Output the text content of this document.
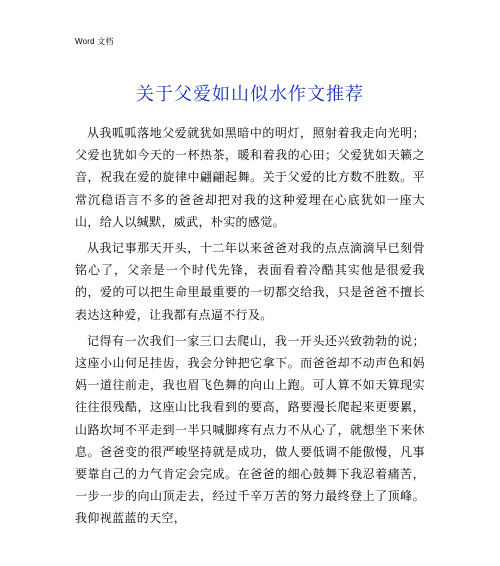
Word 文档
关于父爱如山似水作文推荐

从我呱呱落地父爱就犹如黑暗中的明灯，照射着我走向光明；父爱也犹如今天的一杯热茶，暖和着我的心田；父爱犹如天籁之音，祝我在爱的旋律中翩翩起舞。关于父爱的比方数不胜数。平常沉稳语言不多的爸爸却把对我的这种爱埋在心底犹如一座大山，给人以缄默，威武，朴实的感觉。

从我记事那天开头，十二年以来爸爸对我的点点滴滴早已刻骨铭心了，父亲是一个时代先锋，表面看着冷酷其实他是很爱我的，爱的可以把生命里最重要的一切都交给我，只是爸爸不擅长表达这种爱，让我都有点逼不行及。

记得有一次我们一家三口去爬山，我一开头还兴致勃勃的说；这座小山何足挂齿，我会分钟把它拿下。而爸爸却不动声色和妈妈一道往前走，我也眉飞色舞的向山上跑。可人算不如天算现实往往很残酷，这座山比我看到的要高，路要漫长爬起来更要累，山路坎坷不平走到一半只喊脚疼有点力不从心了，就想坐下来休息。爸爸变的很严峻坚持就是成功，做人要低调不能傲慢，凡事要靠自己的力气肯定会完成。在爸爸的细心鼓舞下我忍着痛苦，一步一步的向山顶走去，经过千辛万苦的努力最终登上了顶峰。我仰视蓝蓝的天空，
